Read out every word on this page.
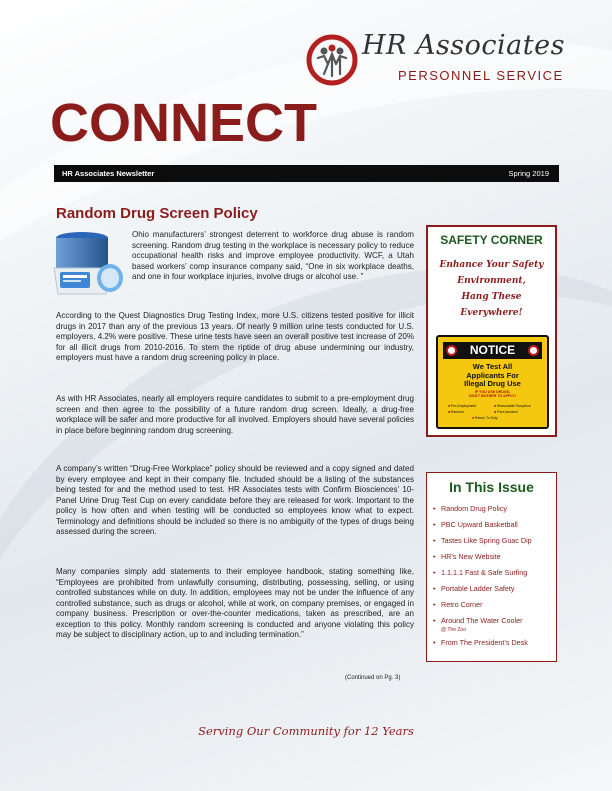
HR Associates
PERSONNEL SERVICE
CONNECT
HR Associates Newsletter	Spring 2019
Random Drug Screen Policy

Ohio manufacturers’ strongest deterrent to workforce drug abuse is random screening. Random drug testing in the workplace is necessary policy to reduce occupational health risks and improve employee productivity. WCF, a Utah based workers’ comp insurance company said, “One in six workplace deaths, and one in four workplace injuries, involve drugs or alcohol use. ”

According to the Quest Diagnostics Drug Testing Index, more U.S. citizens tested positive for illicit drugs in 2017 than any of the previous 13 years. Of nearly 9 million urine tests conducted for U.S. employers, 4.2% were positive. These urine tests have seen an overall positive test increase of 20% for all illicit drugs from 2010-2016. To stem the riptide of drug abuse undermining our industry, employers must have a random drug screening policy in place.

As with HR Associates, nearly all employers require candidates to submit to a pre-employment drug screen and then agree to the possibility of a future random drug screen. Ideally, a drug-free workplace will be safer and more productive for all involved. Employers should have several policies in place before beginning random drug screening.

A company’s written “Drug-Free Workplace” policy should be reviewed and a copy signed and dated by every employee and kept in their company file. Included should be a listing of the substances being tested for and the method used to test. HR Associates tests with Confirm Biosciences’ 10-Panel Urine Drug Test Cup on every candidate before they are released for work. Important to the policy is how often and when testing will be conducted so employees know what to expect. Terminology and definitions should be included so there is no ambiguity of the types of drugs being assessed during the screen.

Many companies simply add statements to their employee handbook, stating something like, “Employees are prohibited from unlawfully consuming, distributing, possessing, selling, or using controlled substances while on duty. In addition, employees may not be under the influence of any controlled substance, such as drugs or alcohol, while at work, on company premises, or engaged in company business. Prescription or over-the-counter medications, taken as prescribed, are an exception to this policy. Monthly random screening is conducted and anyone violating this policy may be subject to disciplinary action, up to and including termination.”

(Continued on Pg. 3)
SAFETY CORNER
Enhance Your Safety
Environment,
Hang These
Everywhere!
NOTICE
We Test All
Applicants For
Illegal Drug Use
IF YOU USE DRUGS,
DON'T BOTHER TO APPLY!
■ Pre-Employment	■ Reasonable Suspicion
■ Random	■ Post Accident
■ Return To Duty
In This Issue
• Random Drug Policy
• PBC Upward Basketball
• Tastes Like Spring Guac Dip
• HR’s New Website
• 1.1.1.1 Fast & Safe Surfing
• Portable Ladder Safety
• Retro Corner
• Around The Water Cooler
@ The Zoo
• From The President’s Desk
Serving Our Community for 12 Years
